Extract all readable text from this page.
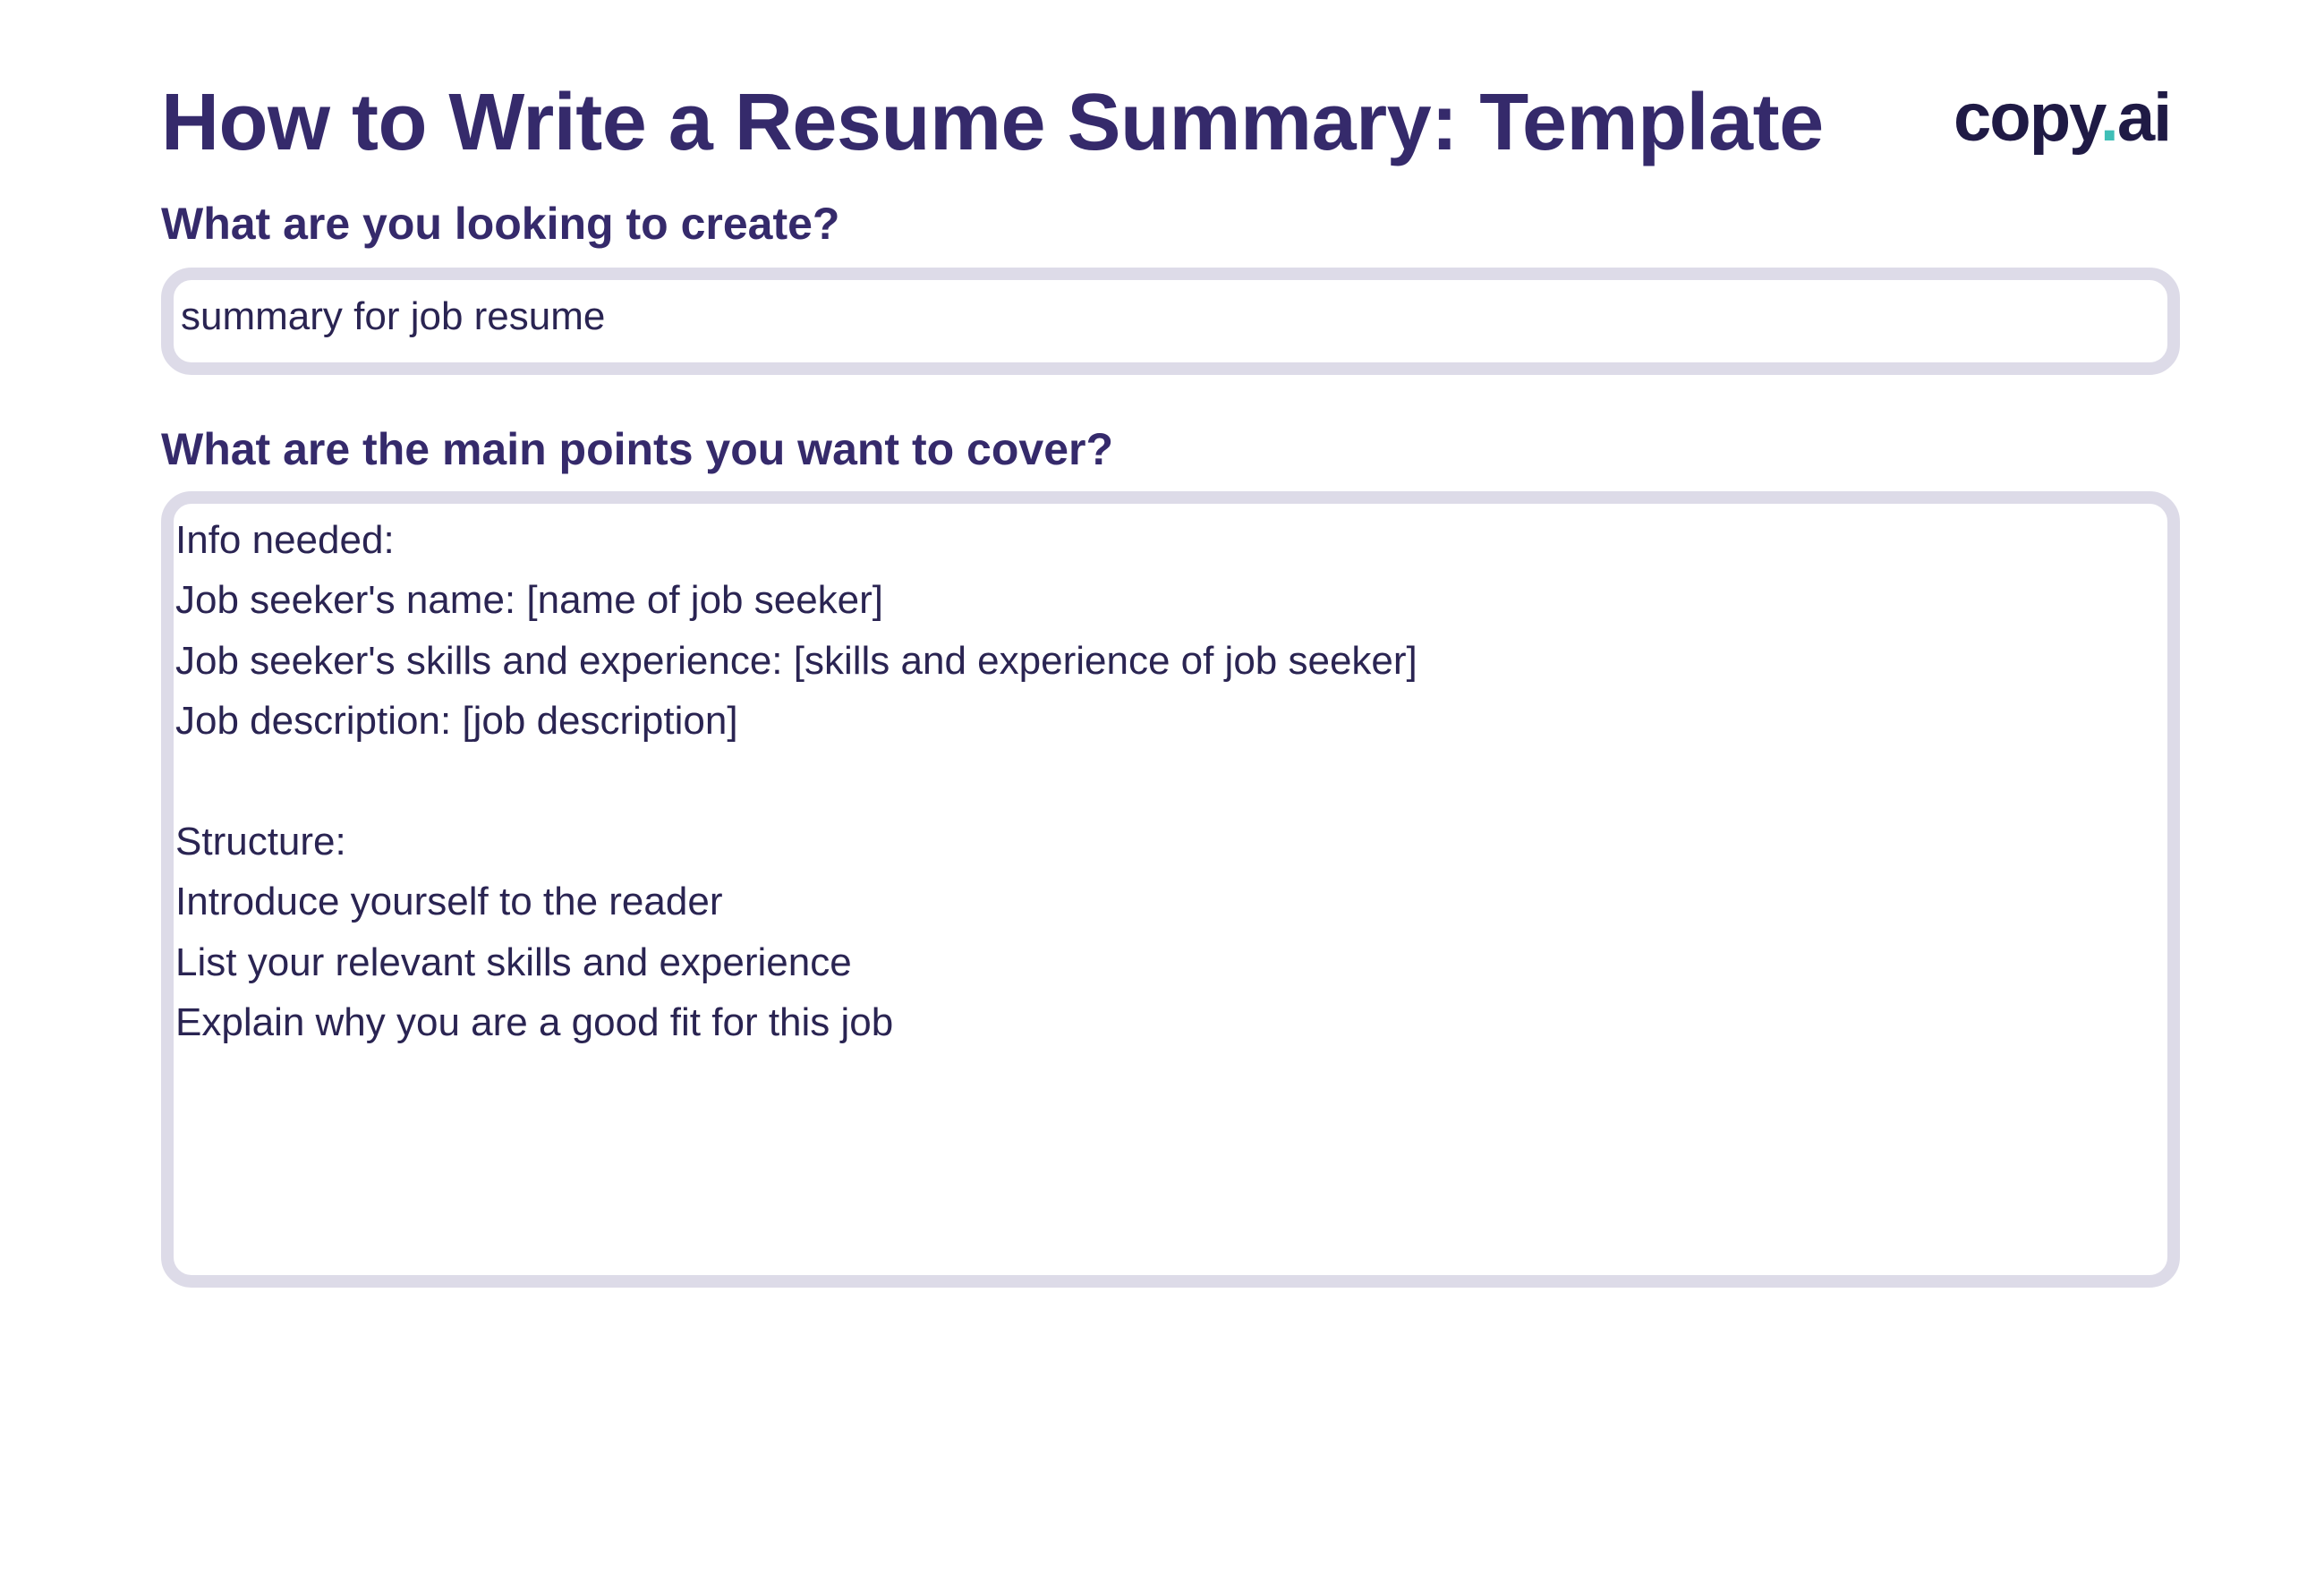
How to Write a Resume Summary: Template copy.ai
What are you looking to create?
summary for job resume
What are the main points you want to cover?
Info needed:
Job seeker's name: [name of job seeker]
Job seeker's skills and experience: [skills and experience of job seeker]
Job description: [job description]
Structure:
Introduce yourself to the reader
List your relevant skills and experience
Explain why you are a good fit for this job
